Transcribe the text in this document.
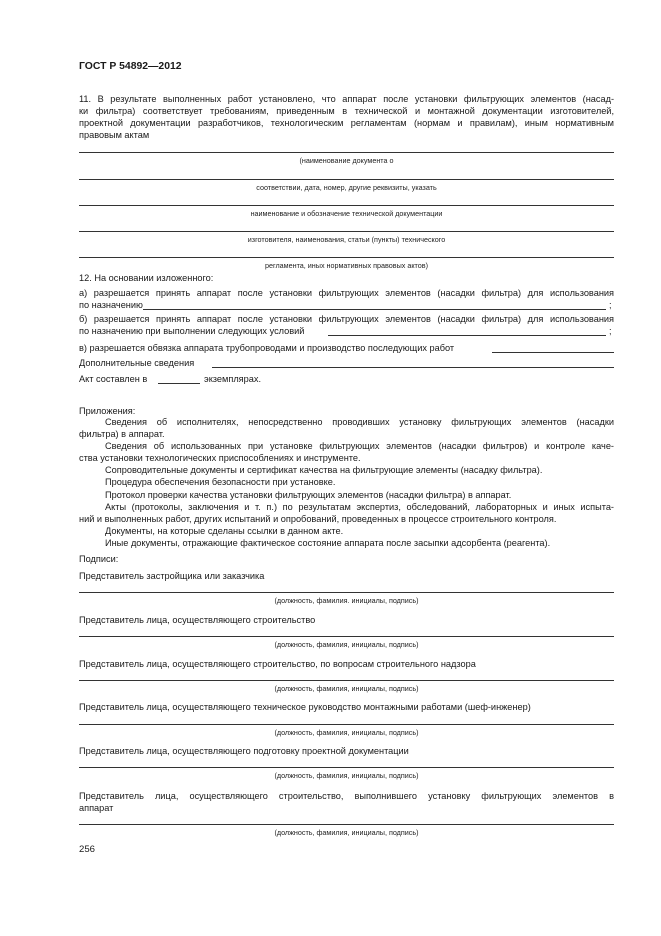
ГОСТ Р 54892—2012
11. В результате выполненных работ установлено, что аппарат после установки фильтрующих элементов (насад-
ки фильтра) соответствует требованиям, приведенным в технической и монтажной документации изготовителей,
проектной документации разработчиков, технологическим регламентам (нормам и правилам), иным нормативным
правовым актам
(наименование документа о
соответствии, дата, номер, другие реквизиты, указать
наименование и обозначение технической документации
изготовителя, наименования, статьи (пункты) технического
регламента, иных нормативных правовых актов)
12. На основании изложенного:
а) разрешается принять аппарат после установки фильтрующих элементов (насадки фильтра) для использования
по назначению	;
б) разрешается принять аппарат после установки фильтрующих элементов (насадки фильтра) для использования
по назначению при выполнении следующих условий	;
в) разрешается обвязка аппарата трубопроводами и производство последующих работ
Дополнительные сведения
Акт составлен в	экземплярах.
Приложения:
Сведения об исполнителях, непосредственно проводивших установку фильтрующих элементов (насадки
фильтра) в аппарат.
Сведения об использованных при установке фильтрующих элементов (насадки фильтров) и контроле каче-
ства установки технологических приспособлениях и инструменте.
Сопроводительные документы и сертификат качества на фильтрующие элементы (насадку фильтра).
Процедура обеспечения безопасности при установке.
Протокол проверки качества установки фильтрующих элементов (насадки фильтра) в аппарат.
Акты (протоколы, заключения и т. п.) по результатам экспертиз, обследований, лабораторных и иных испыта-
ний и выполненных работ, других испытаний и опробований, проведенных в процессе строительного контроля.
Документы, на которые сделаны ссылки в данном акте.
Иные документы, отражающие фактическое состояние аппарата после засыпки адсорбента (реагента).
Подписи:
Представитель застройщика или заказчика
(должность, фамилия. инициалы, подпись)
Представитель лица, осуществляющего строительство
(должность, фамилия, инициалы, подпись)
Представитель лица, осуществляющего строительство, по вопросам строительного надзора
(должность, фамилия, инициалы, подпись)
Представитель лица, осуществляющего техническое руководство монтажными работами (шеф-инженер)
(должность, фамилия, инициалы, подпись)
Представитель лица, осуществляющего подготовку проектной документации
(должность, фамилия, инициалы, подпись)
Представитель лица, осуществляющего строительство, выполнившего установку фильтрующих элементов в
аппарат
(должность, фамилия, инициалы, подпись)
256
